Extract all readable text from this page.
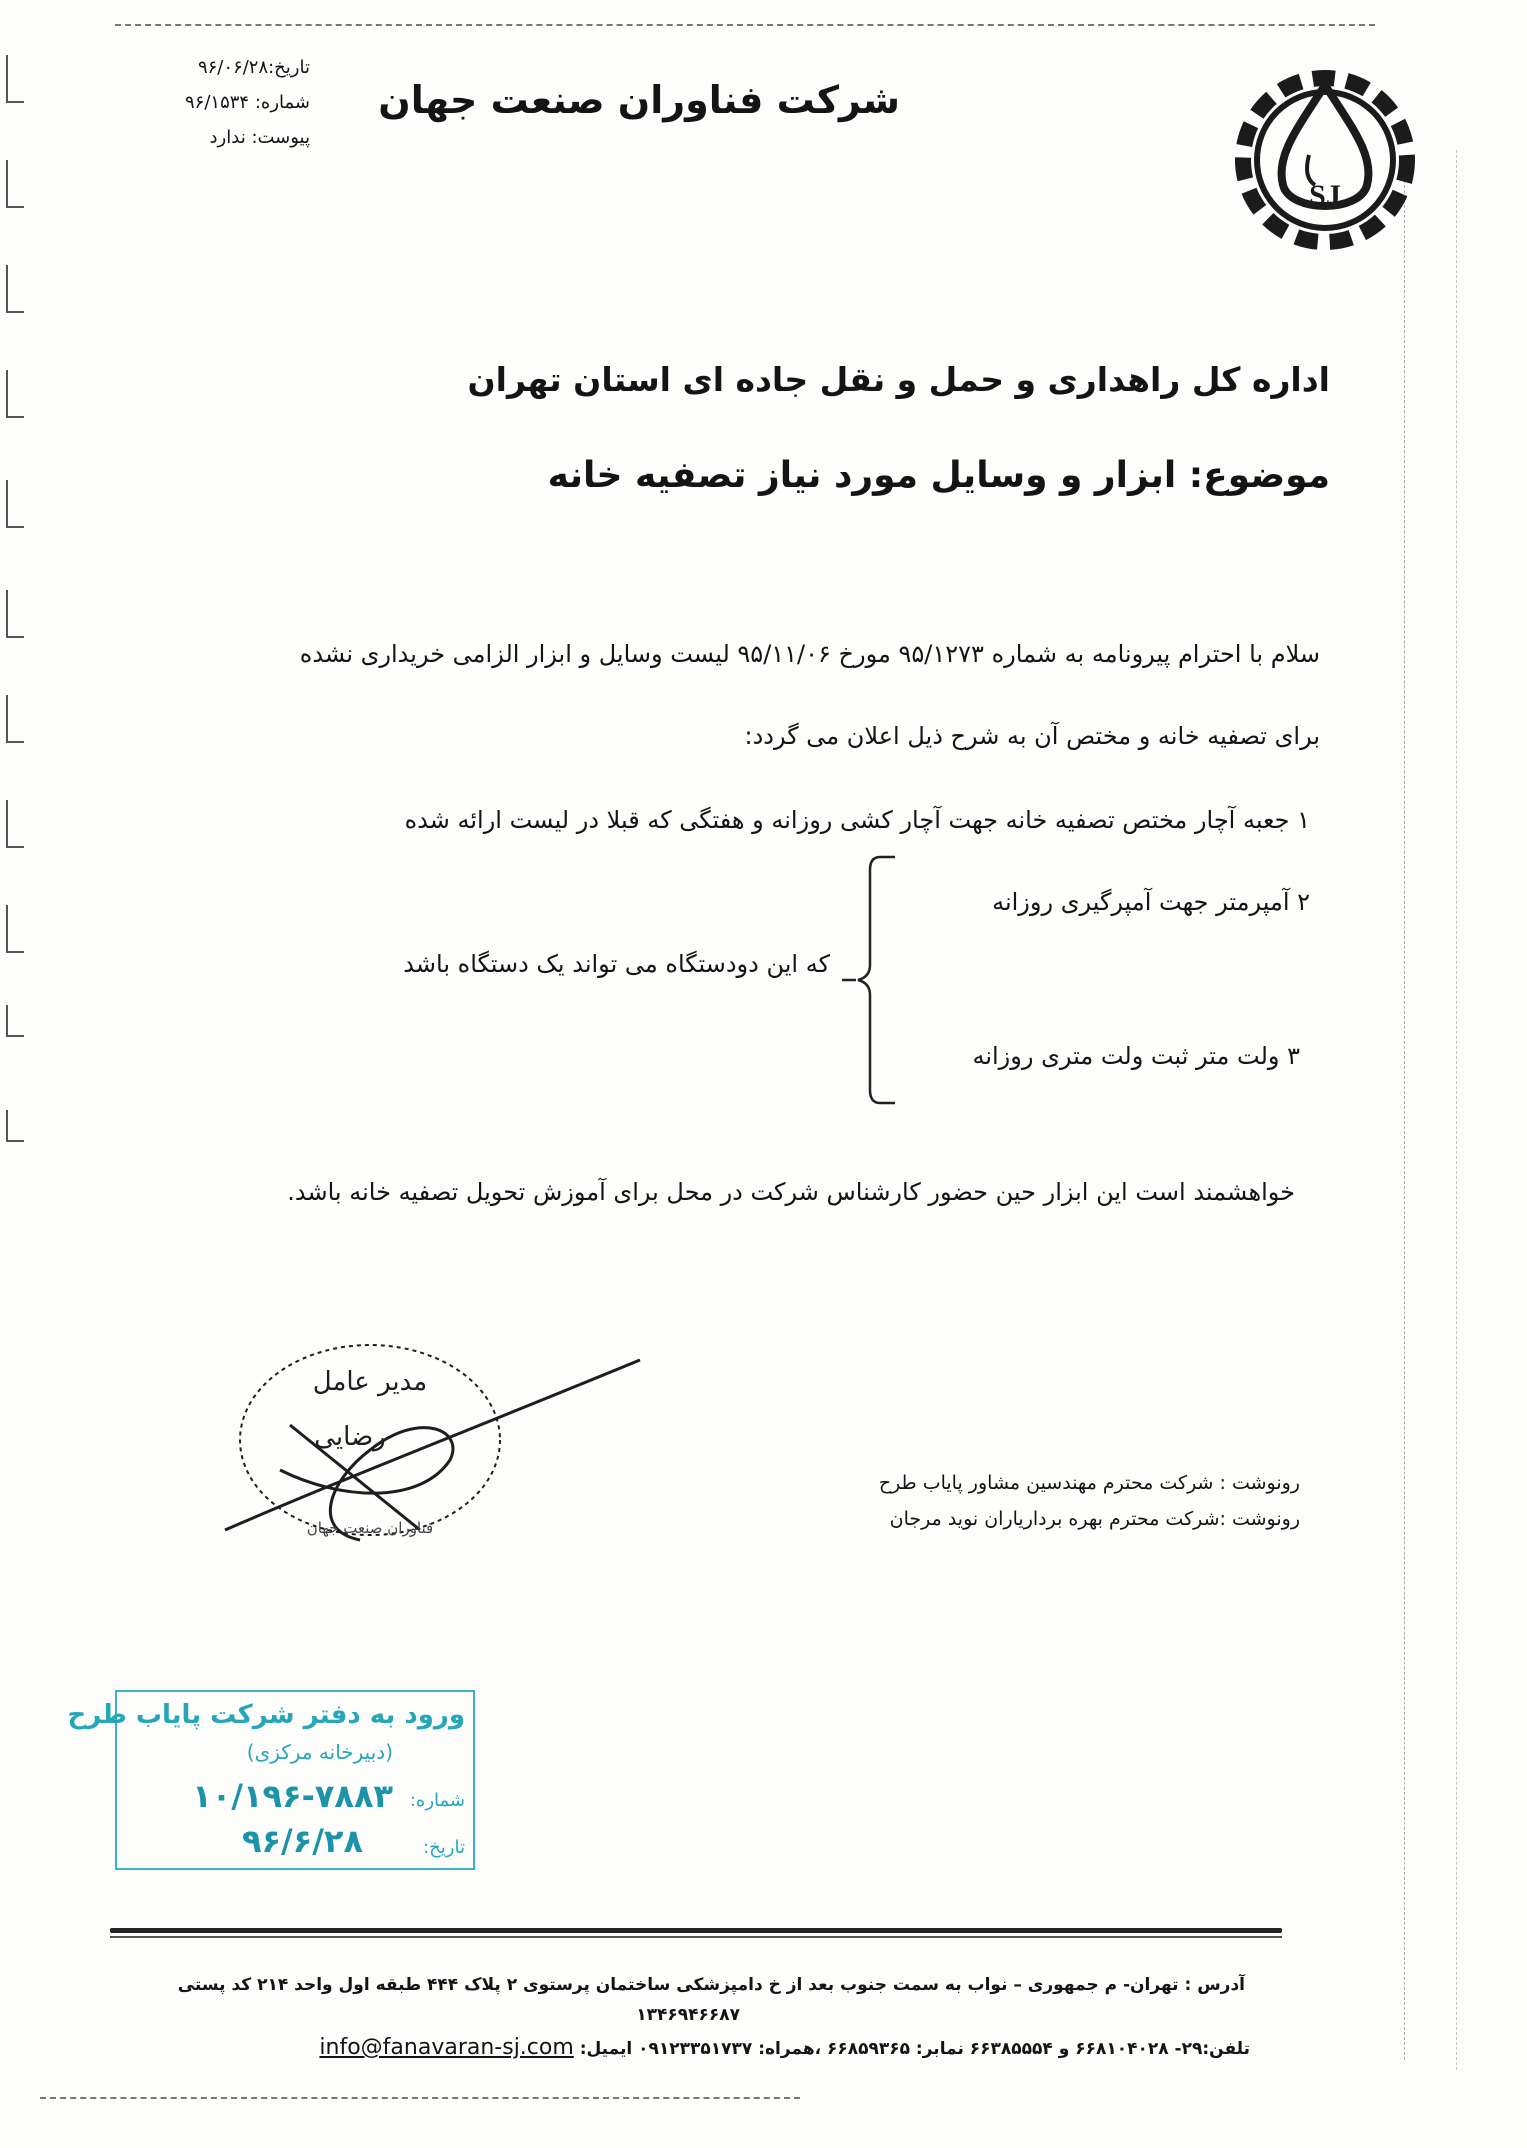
تاریخ:۹۶/۰۶/۲۸
شماره: ۹۶/۱۵۳۴
پیوست: ندارد
شرکت فناوران صنعت جهان
SJ
اداره کل راهداری و حمل و نقل جاده ای استان تهران
موضوع: ابزار و وسایل مورد نیاز تصفیه خانه
سلام با احترام پیرونامه به شماره ۹۵/۱۲۷۳ مورخ ۹۵/۱۱/۰۶ لیست وسایل و ابزار الزامی خریداری نشده
برای تصفیه خانه و مختص آن به شرح ذیل اعلان می گردد:
۱ جعبه آچار مختص تصفیه خانه جهت آچار کشی روزانه و هفتگی که قبلا در لیست ارائه شده
۲ آمپرمتر جهت آمپرگیری روزانه
۳ ولت متر ثبت ولت متری روزانه
که این دودستگاه می تواند یک دستگاه باشد
خواهشمند است این ابزار حین حضور کارشناس شرکت در محل برای آموزش تحویل تصفیه خانه باشد.
مدیر عامل
رضایی
فناوران صنعت جهان
رونوشت : شرکت محترم مهندسین مشاور پایاب طرح
رونوشت :شرکت محترم بهره برداریاران نوید مرجان
ورود به دفتر شرکت پایاب طرح
(دبیرخانه مرکزی)
شماره:
۱۰/۱۹۶-۷۸۸۳
تاریخ:
۹۶/۶/۲۸
آدرس : تهران- م جمهوری – نواب به سمت جنوب بعد از خ دامپزشکی ساختمان پرستوی ۲ پلاک ۴۴۴ طبقه اول واحد ۲۱۴ کد پستی
۱۳۴۶۹۴۶۶۸۷
تلفن:۲۹- ۶۶۸۱۰۴۰۲۸ و ۶۶۳۸۵۵۵۴ نمابر: ۶۶۸۵۹۳۶۵ ،همراه: ۰۹۱۲۳۳۵۱۷۳۷ ایمیل: info@fanavaran-sj.com
